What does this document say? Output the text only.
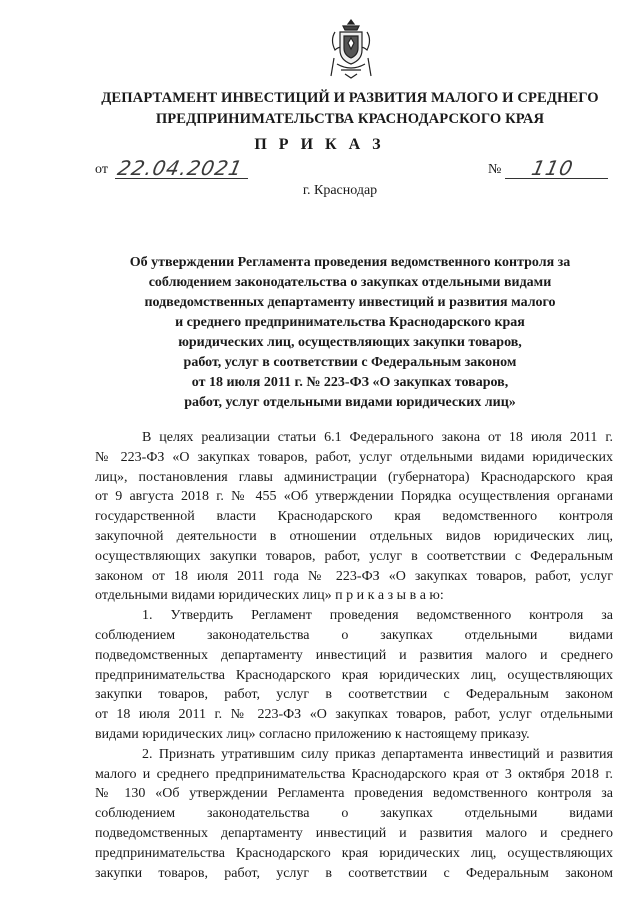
ДЕПАРТАМЕНТ ИНВЕСТИЦИЙ И РАЗВИТИЯ МАЛОГО И СРЕДНЕГО
ПРЕДПРИНИМАТЕЛЬСТВА КРАСНОДАРСКОГО КРАЯ
П Р И К А З
от 22.04.2021	№ 110
г. Краснодар
Об утверждении Регламента проведения ведомственного контроля за
соблюдением законодательства о закупках отдельными видами
подведомственных департаменту инвестиций и развития малого
и среднего предпринимательства Краснодарского края
юридических лиц, осуществляющих закупки товаров,
работ, услуг в соответствии с Федеральным законом
от 18 июля 2011 г. № 223-ФЗ «О закупках товаров,
работ, услуг отдельными видами юридических лиц»
В целях реализации статьи 6.1 Федерального закона от 18 июля 2011 г.
№ 223-ФЗ «О закупках товаров, работ, услуг отдельными видами юридических
лиц», постановления главы администрации (губернатора) Краснодарского края
от 9 августа 2018 г. № 455 «Об утверждении Порядка осуществления органами
государственной власти Краснодарского края ведомственного контроля
закупочной деятельности в отношении отдельных видов юридических лиц,
осуществляющих закупки товаров, работ, услуг в соответствии с Федеральным
законом от 18 июля 2011 года № 223-ФЗ «О закупках товаров, работ, услуг
отдельными видами юридических лиц» п р и к а з ы в а ю:
1. Утвердить Регламент проведения ведомственного контроля за
соблюдением законодательства о закупках отдельными видами
подведомственных департаменту инвестиций и развития малого и среднего
предпринимательства Краснодарского края юридических лиц, осуществляющих
закупки товаров, работ, услуг в соответствии с Федеральным законом
от 18 июля 2011 г. № 223-ФЗ «О закупках товаров, работ, услуг отдельными
видами юридических лиц» согласно приложению к настоящему приказу.
2. Признать утратившим силу приказ департамента инвестиций и развития
малого и среднего предпринимательства Краснодарского края от 3 октября 2018 г.
№ 130 «Об утверждении Регламента проведения ведомственного контроля за
соблюдением законодательства о закупках отдельными видами
подведомственных департаменту инвестиций и развития малого и среднего
предпринимательства Краснодарского края юридических лиц, осуществляющих
закупки товаров, работ, услуг в соответствии с Федеральным законом
